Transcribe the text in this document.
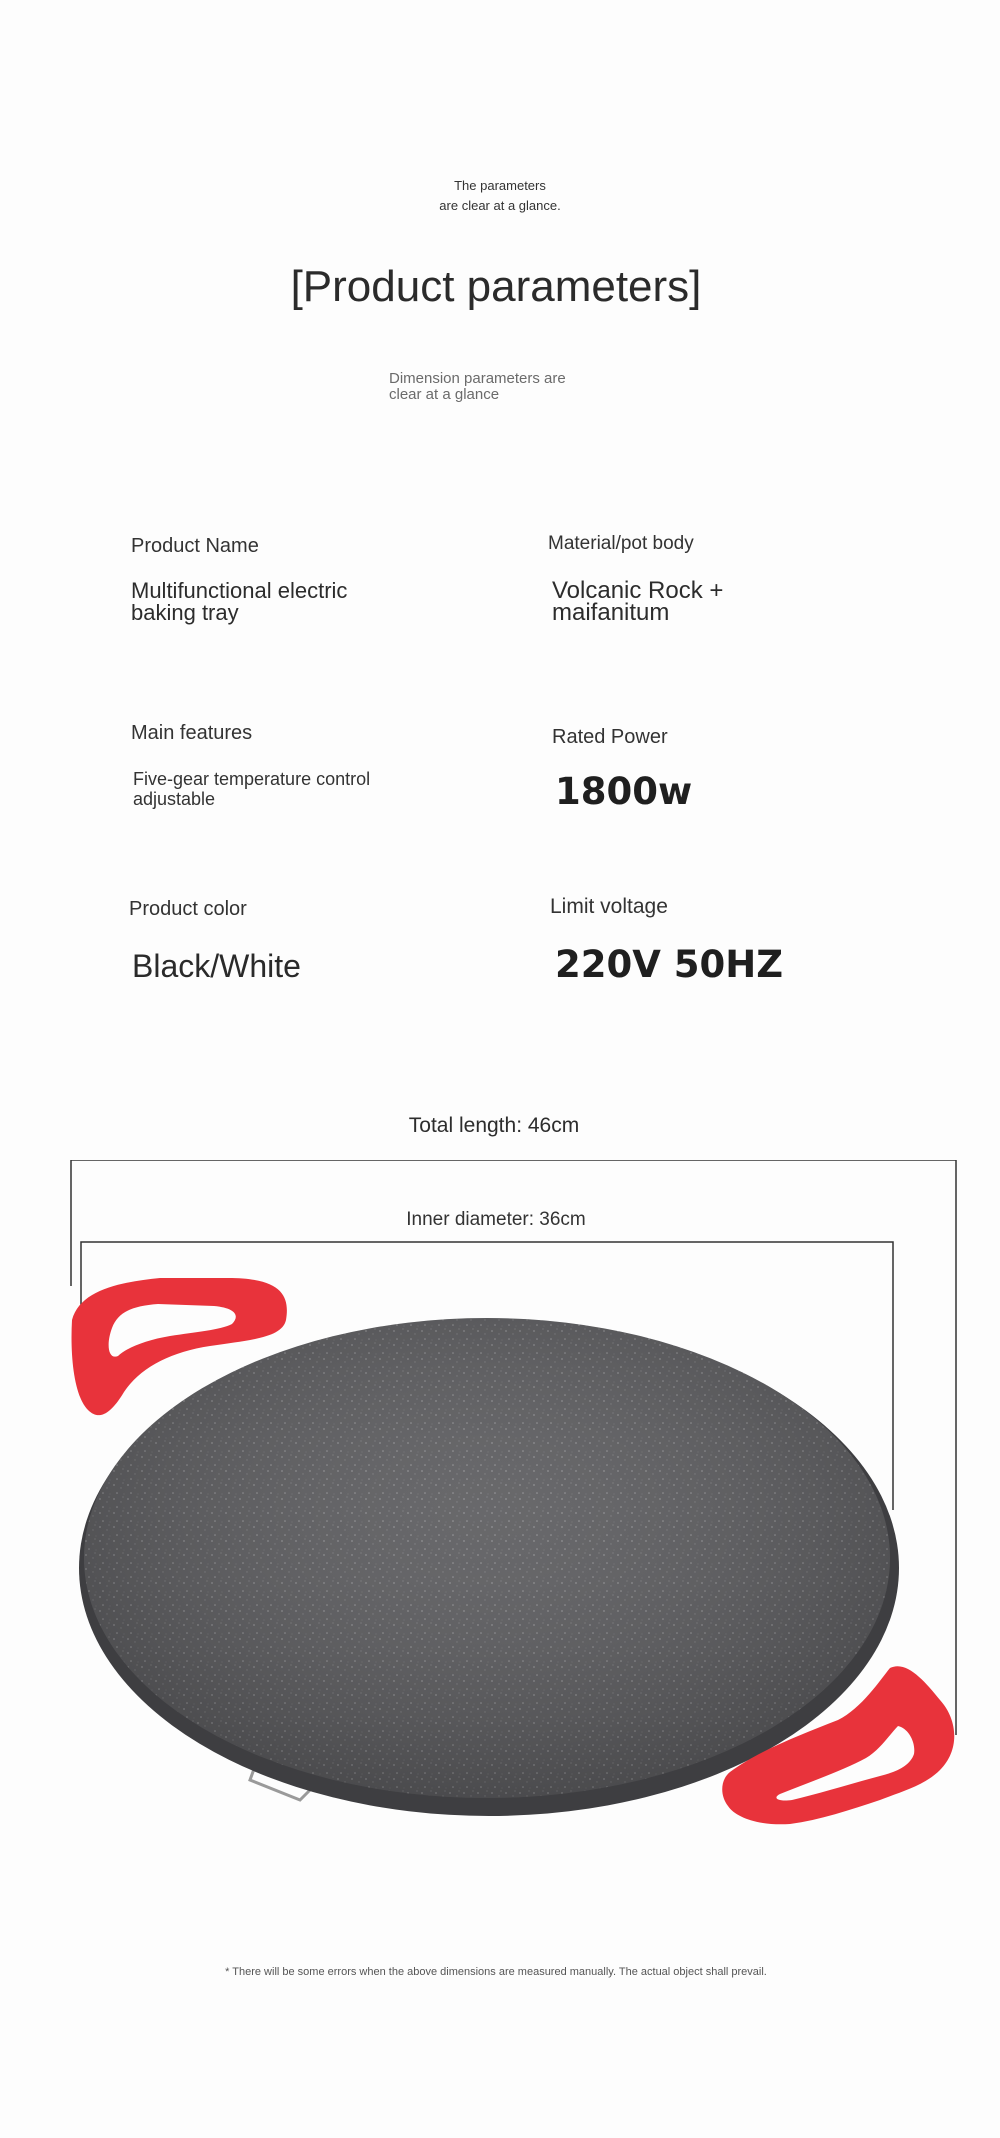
The parameters
are clear at a glance.
[Product parameters]
Dimension parameters are
clear at a glance
Product Name
Multifunctional electric
baking tray
Material/pot body
Volcanic Rock +
maifanitum
Main features
Five-gear temperature control
adjustable
Rated Power
1800w
Product color
Black/White
Limit voltage
220V 50HZ
Total length: 46cm
Inner diameter: 36cm
* There will be some errors when the above dimensions are measured manually. The actual object shall prevail.
